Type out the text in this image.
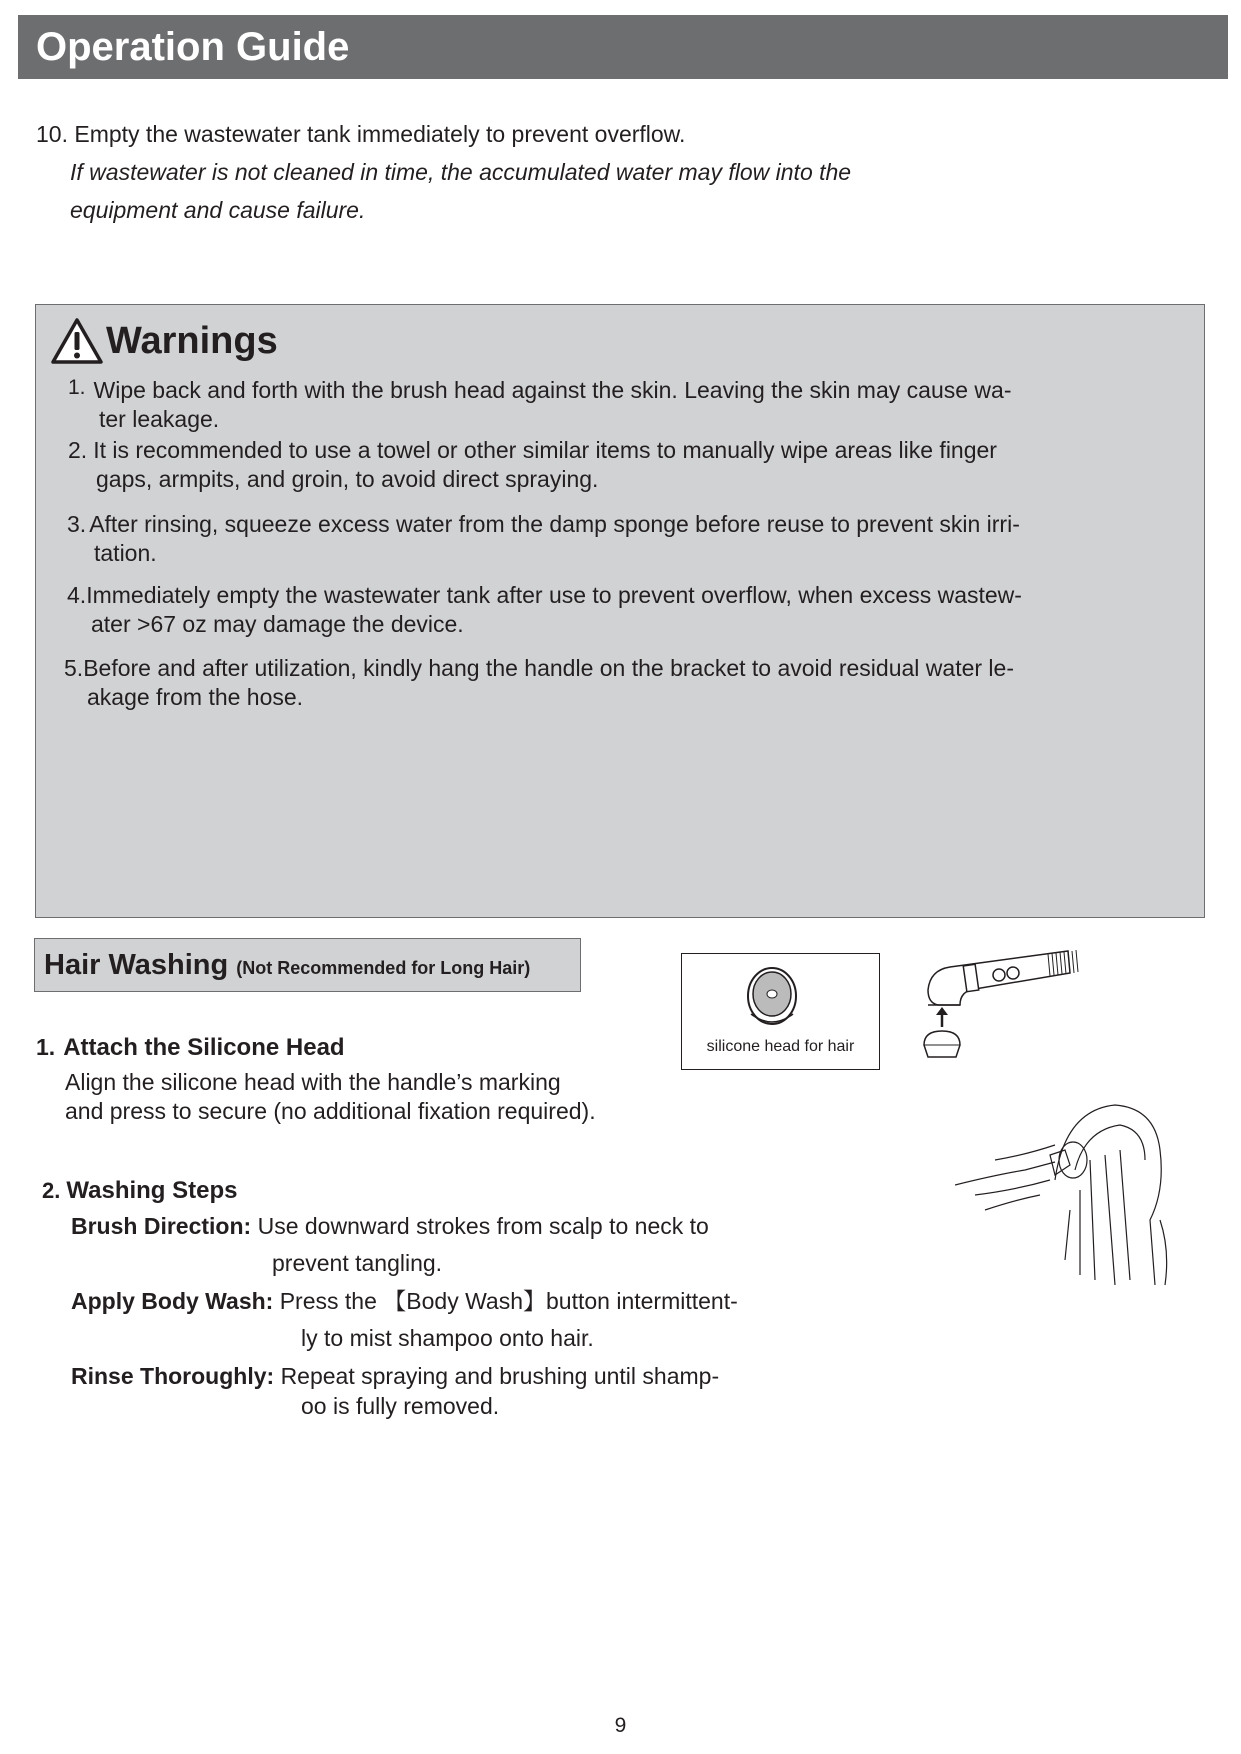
Operation Guide
10. Empty the wastewater tank immediately to prevent overflow.
If wastewater is not cleaned in time, the accumulated water may flow into the
equipment and cause failure.
Warnings
1. Wipe back and forth with the brush head against the skin. Leaving the skin may cause wa-
ter leakage.
2. It is recommended to use a towel or other similar items to manually wipe areas like finger
gaps, armpits, and groin, to avoid direct spraying.
3. After rinsing, squeeze excess water from the damp sponge before reuse to prevent skin irri-
tation.
4.Immediately empty the wastewater tank after use to prevent overflow, when excess wastew-
ater >67 oz may damage the device.
5.Before and after utilization, kindly hang the handle on the bracket to avoid residual water le-
akage from the hose.
Hair Washing (Not Recommended for Long Hair)
1. Attach the Silicone Head
Align the silicone head with the handle’s marking
and press to secure (no additional fixation required).
silicone head for hair
2. Washing Steps
Brush Direction: Use downward strokes from scalp to neck to
prevent tangling.
Apply Body Wash: Press the 【Body Wash】button intermittent-
ly to mist shampoo onto hair.
Rinse Thoroughly: Repeat spraying and brushing until shamp-
oo is fully removed.
9
